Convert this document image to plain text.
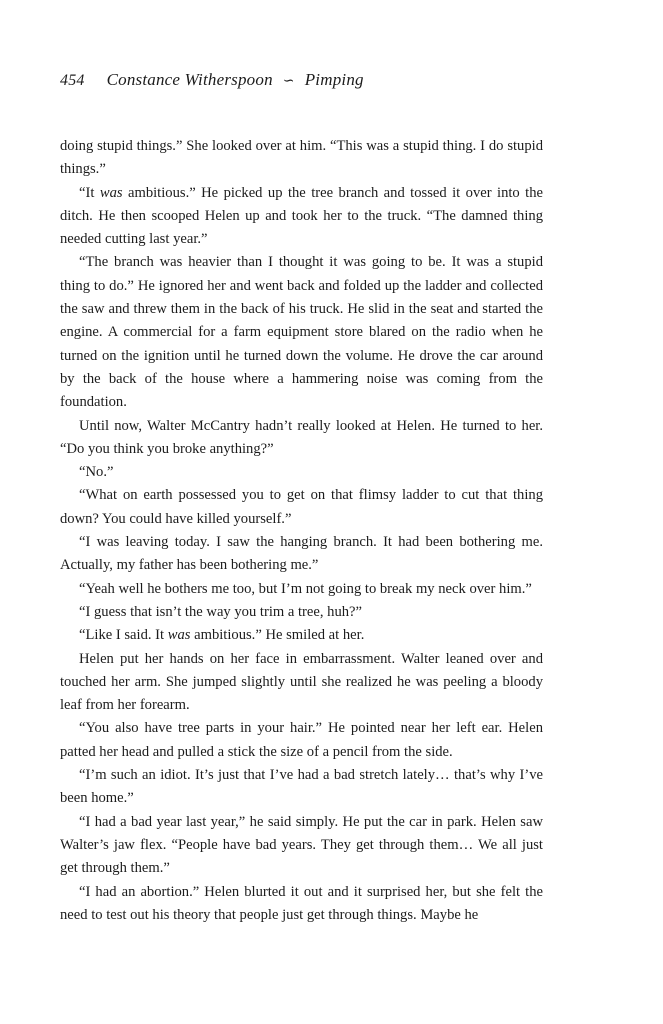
454 Constance Witherspoon ∽ Pimping

doing stupid things.” She looked over at him. “This was a stupid thing. I do stupid things.”

“It was ambitious.” He picked up the tree branch and tossed it over into the ditch. He then scooped Helen up and took her to the truck. “The damned thing needed cutting last year.”

“The branch was heavier than I thought it was going to be. It was a stupid thing to do.” He ignored her and went back and folded up the ladder and collected the saw and threw them in the back of his truck. He slid in the seat and started the engine. A commercial for a farm equipment store blared on the radio when he turned on the ignition until he turned down the volume. He drove the car around by the back of the house where a hammering noise was coming from the foundation.

Until now, Walter McCantry hadn’t really looked at Helen. He turned to her. “Do you think you broke anything?”

“No.”

“What on earth possessed you to get on that flimsy ladder to cut that thing down? You could have killed yourself.”

“I was leaving today. I saw the hanging branch. It had been bothering me. Actually, my father has been bothering me.”

“Yeah well he bothers me too, but I’m not going to break my neck over him.”

“I guess that isn’t the way you trim a tree, huh?”

“Like I said. It was ambitious.” He smiled at her.

Helen put her hands on her face in embarrassment. Walter leaned over and touched her arm. She jumped slightly until she realized he was peeling a bloody leaf from her forearm.

“You also have tree parts in your hair.” He pointed near her left ear. Helen patted her head and pulled a stick the size of a pencil from the side.

“I’m such an idiot. It’s just that I’ve had a bad stretch lately… that’s why I’ve been home.”

“I had a bad year last year,” he said simply. He put the car in park. Helen saw Walter’s jaw flex. “People have bad years. They get through them… We all just get through them.”

“I had an abortion.” Helen blurted it out and it surprised her, but she felt the need to test out his theory that people just get through things. Maybe he
